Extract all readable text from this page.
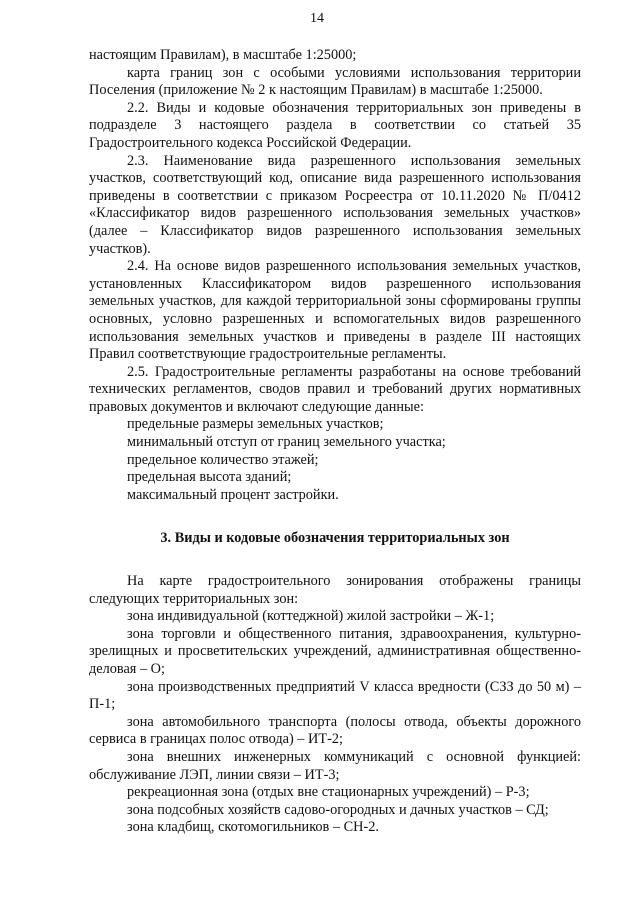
14

настоящим Правилам), в масштабе 1:25000;

карта границ зон с особыми условиями использования территории Поселения (приложение № 2 к настоящим Правилам) в масштабе 1:25000.

2.2. Виды и кодовые обозначения территориальных зон приведены в подразделе 3 настоящего раздела в соответствии со статьей 35 Градостроительного кодекса Российской Федерации.

2.3. Наименование вида разрешенного использования земельных участков, соответствующий код, описание вида разрешенного использования приведены в соответствии с приказом Росреестра от 10.11.2020 № П/0412 «Классификатор видов разрешенного использования земельных участков» (далее – Классификатор видов разрешенного использования земельных участков).

2.4. На основе видов разрешенного использования земельных участков, установленных Классификатором видов разрешенного использования земельных участков, для каждой территориальной зоны сформированы группы основных, условно разрешенных и вспомогательных видов разрешенного использования земельных участков и приведены в разделе III настоящих Правил соответствующие градостроительные регламенты.

2.5. Градостроительные регламенты разработаны на основе требований технических регламентов, сводов правил и требований других нормативных правовых документов и включают следующие данные:

предельные размеры земельных участков;

минимальный отступ от границ земельного участка;

предельное количество этажей;

предельная высота зданий;

максимальный процент застройки.

3. Виды и кодовые обозначения территориальных зон

На карте градостроительного зонирования отображены границы следующих территориальных зон:

зона индивидуальной (коттеджной) жилой застройки – Ж-1;

зона торговли и общественного питания, здравоохранения, культурно-зрелищных и просветительских учреждений, административная общественно-деловая – О;

зона производственных предприятий V класса вредности (СЗЗ до 50 м) – П-1;

зона автомобильного транспорта (полосы отвода, объекты дорожного сервиса в границах полос отвода) – ИТ-2;

зона внешних инженерных коммуникаций с основной функцией: обслуживание ЛЭП, линии связи – ИТ-3;

рекреационная зона (отдых вне стационарных учреждений) – Р-3;

зона подсобных хозяйств садово-огородных и дачных участков – СД;

зона кладбищ, скотомогильников – СН-2.
